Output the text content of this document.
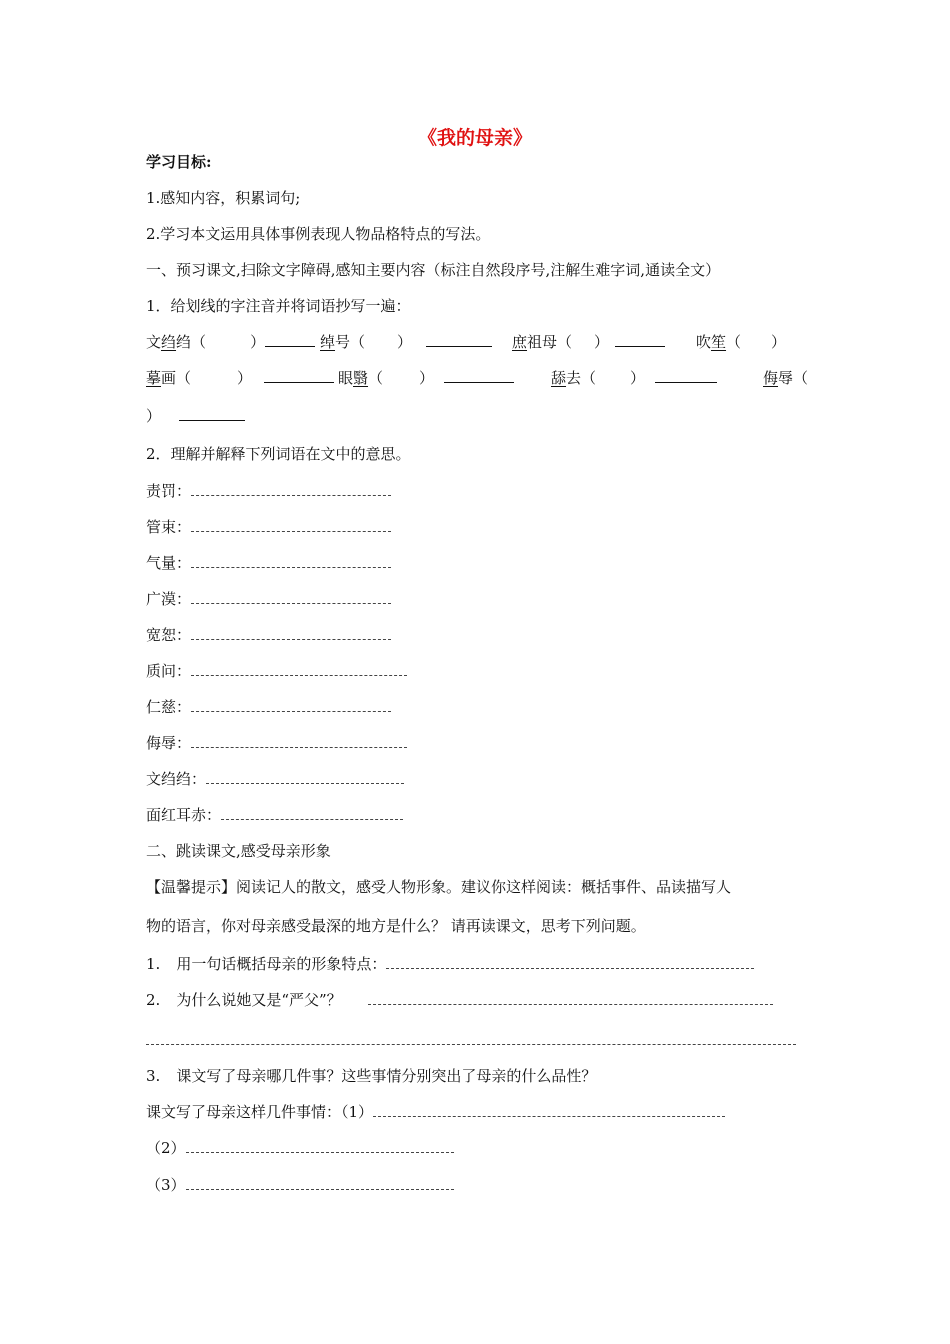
《我的母亲》
学习目标:
1.感知内容，积累词句;
2.学习本文运用具体事例表现人物品格特点的写法。
一、预习课文,扫除文字障碍,感知主要内容（标注自然段序号,注解生难字词,通读全文）
1．给划线的字注音并将词语抄写一遍：
文绉绉（	）	绰号（ ）	庶祖母（ ）	吹笙（ ）
摹画（	）	眼翳（ ）	舔去（ ）	侮辱（
）
2．理解并解释下列词语在文中的意思。
责罚：
管束：
气量：
广漠：
宽恕：
质问：
仁慈：
侮辱：
文绉绉：
面红耳赤：
二、跳读课文,感受母亲形象
【温馨提示】阅读记人的散文，感受人物形象。建议你这样阅读：概括事件、品读描写人
物的语言，你对母亲感受最深的地方是什么？ 请再读课文，思考下列问题。
1. 用一句话概括母亲的形象特点：
2. 为什么说她又是“严父”？
3. 课文写了母亲哪几件事？这些事情分别突出了母亲的什么品性？
课文写了母亲这样几件事情：（1）
（2）
（3）
